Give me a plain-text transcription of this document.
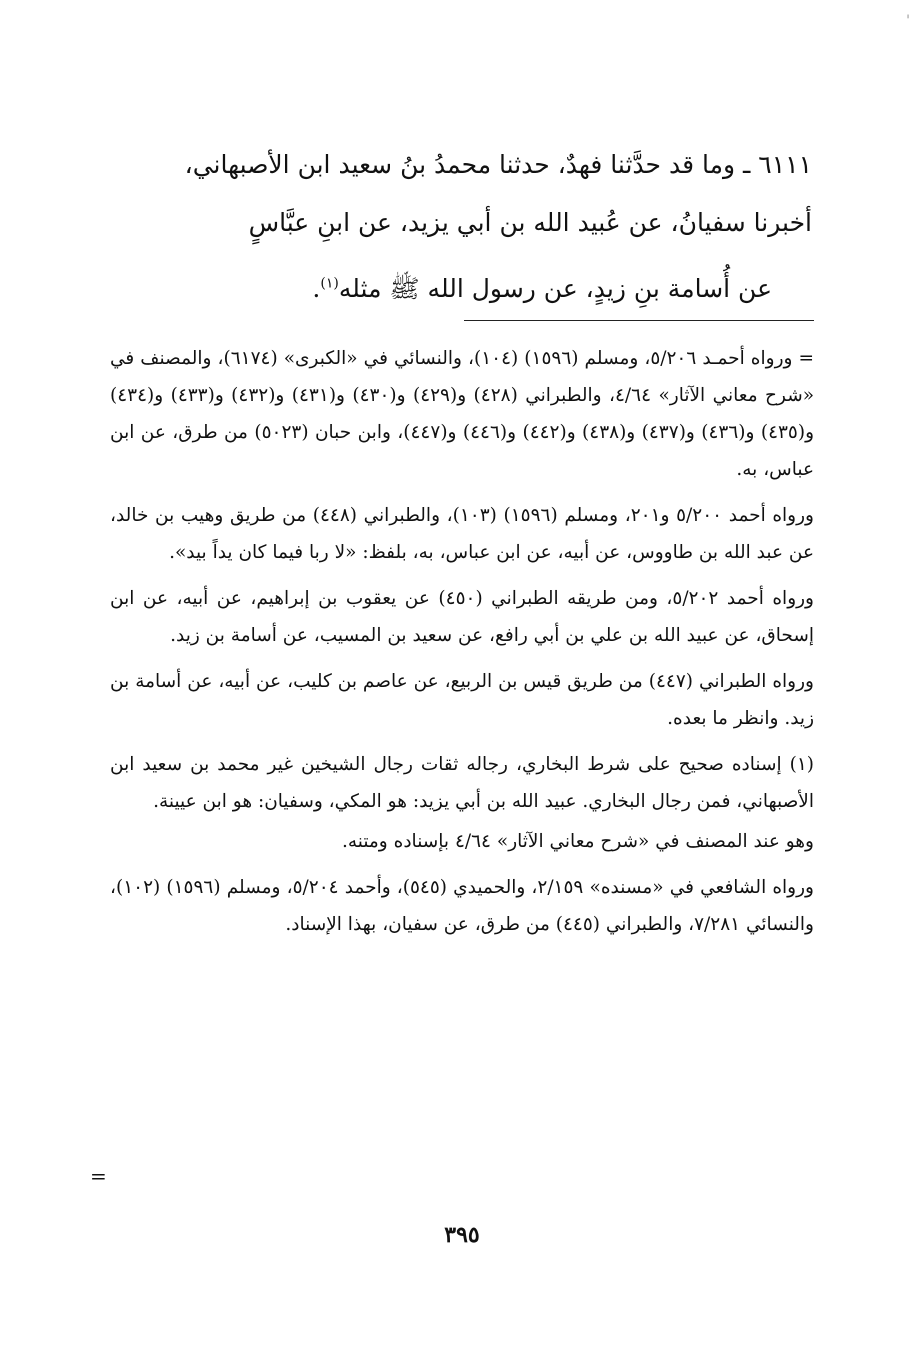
'

٦١١١ ـ وما قد حدَّثنا فهدٌ، حدثنا محمدُ بنُ سعيد ابن الأصبهاني،

أخبرنا سفيانُ، عن عُبيد الله بن أبي يزيد، عن ابنِ عبَّاسٍ

عن أُسامة بنِ زيدٍ، عن رسول الله ﷺ مثله$^{(١)}$.

= ورواه أحمـد ٥/٢٠٦، ومسلم (١٥٩٦) (١٠٤)، والنسائي في «الكبرى» (٦١٧٤)، والمصنف في «شرح معاني الآثار» ٤/٦٤، والطبراني (٤٢٨) و(٤٢٩) و(٤٣٠) و(٤٣١) و(٤٣٢) و(٤٣٣) و(٤٣٤) و(٤٣٥) و(٤٣٦) و(٤٣٧) و(٤٣٨) و(٤٤٢) و(٤٤٦) و(٤٤٧)، وابن حبان (٥٠٢٣) من طرق، عن ابن عباس، به.

ورواه أحمد ٥/٢٠٠ و٢٠١، ومسلم (١٥٩٦) (١٠٣)، والطبراني (٤٤٨) من طريق وهيب بن خالد، عن عبد الله بن طاووس، عن أبيه، عن ابن عباس، به، بلفظ: «لا ربا فيما كان يداً بيد».

ورواه أحمد ٥/٢٠٢، ومن طريقه الطبراني (٤٥٠) عن يعقوب بن إبراهيم، عن أبيه، عن ابن إسحاق، عن عبيد الله بن علي بن أبي رافع، عن سعيد بن المسيب، عن أسامة بن زيد.

ورواه الطبراني (٤٤٧) من طريق قيس بن الربيع، عن عاصم بن كليب، عن أبيه، عن أسامة بن زيد. وانظر ما بعده.

(١) إسناده صحيح على شرط البخاري، رجاله ثقات رجال الشيخين غير محمد بن سعيد ابن الأصبهاني، فمن رجال البخاري. عبيد الله بن أبي يزيد: هو المكي، وسفيان: هو ابن عيينة.

وهو عند المصنف في «شرح معاني الآثار» ٤/٦٤ بإسناده ومتنه.

ورواه الشافعي في «مسنده» ٢/١٥٩، والحميدي (٥٤٥)، وأحمد ٥/٢٠٤، ومسلم (١٥٩٦) (١٠٢)، والنسائي ٧/٢٨١، والطبراني (٤٤٥) من طرق، عن سفيان، بهذا الإسناد.

=
٣٩٥
